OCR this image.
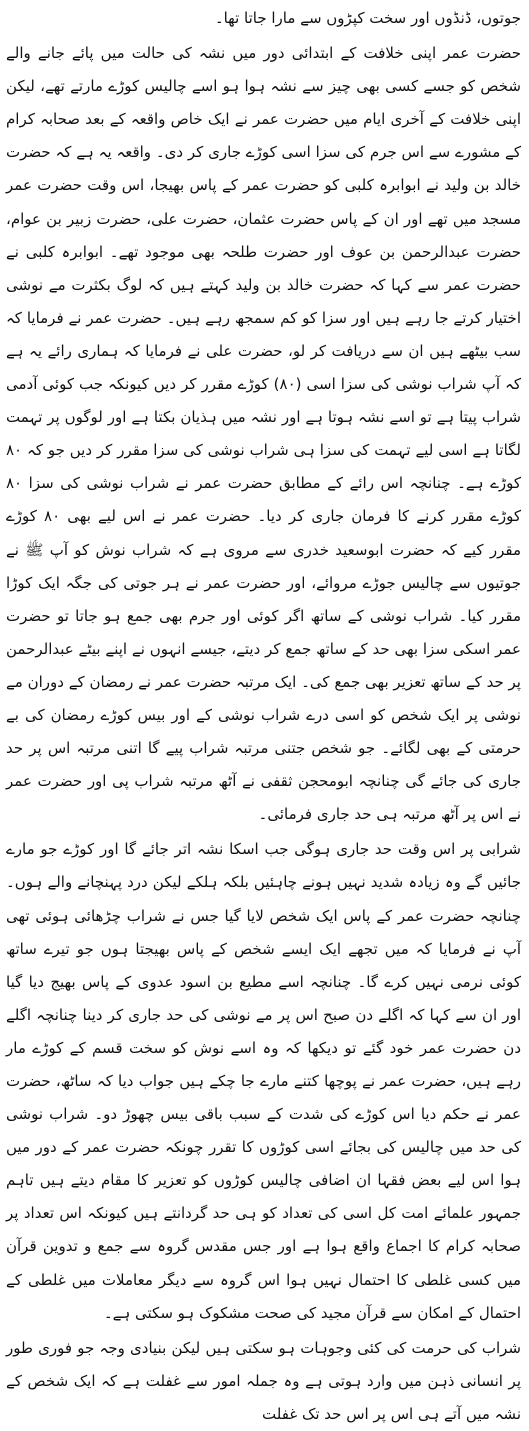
جوتوں، ڈنڈوں اور سخت کپڑوں سے مارا جاتا تھا۔

حضرت عمر اپنی خلافت کے ابتدائی دور میں نشہ کی حالت میں پائے جانے والے شخص کو جسے کسی بھی چیز سے نشہ ہوا ہو اسے چالیس کوڑے مارتے تھے، لیکن اپنی خلافت کے آخری ایام میں حضرت عمر نے ایک خاص واقعہ کے بعد صحابہ کرام کے مشورے سے اس جرم کی سزا اسی کوڑے جاری کر دی۔ واقعہ یہ ہے کہ حضرت خالد بن ولید نے ابوابرہ کلبی کو حضرت عمر کے پاس بھیجا، اس وقت حضرت عمر مسجد میں تھے اور ان کے پاس حضرت عثمان، حضرت علی، حضرت زبیر بن عوام، حضرت عبدالرحمن بن عوف اور حضرت طلحہ بھی موجود تھے۔ ابوابرہ کلبی نے حضرت عمر سے کہا کہ حضرت خالد بن ولید کہتے ہیں کہ لوگ بکثرت مے نوشی اختیار کرتے جا رہے ہیں اور سزا کو کم سمجھ رہے ہیں۔ حضرت عمر نے فرمایا کہ سب بیٹھے ہیں ان سے دریافت کر لو، حضرت علی نے فرمایا کہ ہماری رائے یہ ہے کہ آپ شراب نوشی کی سزا اسی (۸۰) کوڑے مقرر کر دیں کیونکہ جب کوئی آدمی شراب پیتا ہے تو اسے نشہ ہوتا ہے اور نشہ میں ہذیان بکتا ہے اور لوگوں پر تہمت لگاتا ہے اسی لیے تہمت کی سزا ہی شراب نوشی کی سزا مقرر کر دیں جو کہ ۸۰ کوڑے ہے۔ چنانچہ اس رائے کے مطابق حضرت عمر نے شراب نوشی کی سزا ۸۰ کوڑے مقرر کرنے کا فرمان جاری کر دیا۔ حضرت عمر نے اس لیے بھی ۸۰ کوڑے مقرر کیے کہ حضرت ابوسعید خدری سے مروی ہے کہ شراب نوش کو آپ ﷺ نے جوتیوں سے چالیس جوڑے مروائے، اور حضرت عمر نے ہر جوتی کی جگہ ایک کوڑا مقرر کیا۔ شراب نوشی کے ساتھ اگر کوئی اور جرم بھی جمع ہو جاتا تو حضرت عمر اسکی سزا بھی حد کے ساتھ جمع کر دیتے، جیسے انہوں نے اپنے بیٹے عبدالرحمن پر حد کے ساتھ تعزیر بھی جمع کی۔ ایک مرتبہ حضرت عمر نے رمضان کے دوران مے نوشی پر ایک شخص کو اسی درے شراب نوشی کے اور بیس کوڑے رمضان کی بے حرمتی کے بھی لگائے۔ جو شخص جتنی مرتبہ شراب پیے گا اتنی مرتبہ اس پر حد جاری کی جائے گی چنانچہ ابومحجن ثقفی نے آٹھ مرتبہ شراب پی اور حضرت عمر نے اس پر آٹھ مرتبہ ہی حد جاری فرمائی۔

شرابی پر اس وقت حد جاری ہوگی جب اسکا نشہ اتر جائے گا اور کوڑے جو مارے جائیں گے وہ زیادہ شدید نہیں ہونے چاہئیں بلکہ ہلکے لیکن درد پہنچانے والے ہوں۔ چنانچہ حضرت عمر کے پاس ایک شخص لایا گیا جس نے شراب چڑھائی ہوئی تھی آپ نے فرمایا کہ میں تجھے ایک ایسے شخص کے پاس بھیجتا ہوں جو تیرے ساتھ کوئی نرمی نہیں کرے گا۔ چنانچہ اسے مطیع بن اسود عدوی کے پاس بھیج دیا گیا اور ان سے کہا کہ اگلے دن صبح اس پر مے نوشی کی حد جاری کر دینا چنانچہ اگلے دن حضرت عمر خود گئے تو دیکھا کہ وہ اسے نوش کو سخت قسم کے کوڑے مار رہے ہیں، حضرت عمر نے پوچھا کتنے مارے جا چکے ہیں جواب دیا کہ ساٹھ، حضرت عمر نے حکم دیا اس کوڑے کی شدت کے سبب باقی بیس چھوڑ دو۔ شراب نوشی کی حد میں چالیس کی بجائے اسی کوڑوں کا تقرر چونکہ حضرت عمر کے دور میں ہوا اس لیے بعض فقہا ان اضافی چالیس کوڑوں کو تعزیر کا مقام دیتے ہیں تاہم جمہور علمائے امت کل اسی کی تعداد کو ہی حد گردانتے ہیں کیونکہ اس تعداد پر صحابہ کرام کا اجماع واقع ہوا ہے اور جس مقدس گروہ سے جمع و تدوین قرآن میں کسی غلطی کا احتمال نہیں ہوا اس گروہ سے دیگر معاملات میں غلطی کے احتمال کے امکان سے قرآن مجید کی صحت مشکوک ہو سکتی ہے۔

شراب کی حرمت کی کئی وجوہات ہو سکتی ہیں لیکن بنیادی وجہ جو فوری طور پر انسانی ذہن میں وارد ہوتی ہے وہ جملہ امور سے غفلت ہے کہ ایک شخص کے نشہ میں آتے ہی اس پر اس حد تک غفلت
